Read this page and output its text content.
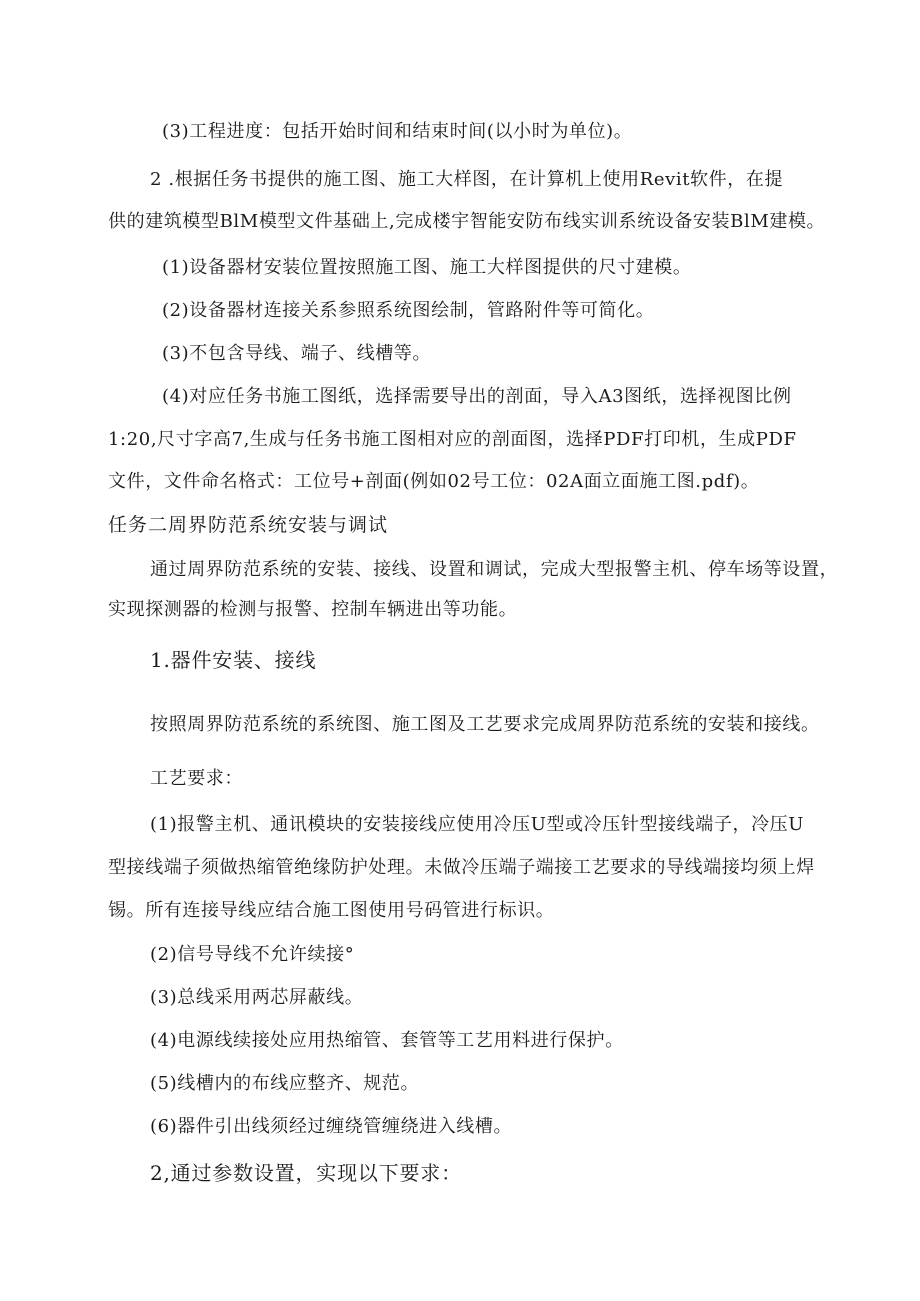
(3)工程进度：包括开始时间和结束时间(以小时为单位)。
2 .根据任务书提供的施工图、施工大样图，在计算机上使用Revit软件，在提
供的建筑模型BlM模型文件基础上,完成楼宇智能安防布线实训系统设备安装BlM建模。
(1)设备器材安装位置按照施工图、施工大样图提供的尺寸建模。
(2)设备器材连接关系参照系统图绘制，管路附件等可简化。
(3)不包含导线、端子、线槽等。
(4)对应任务书施工图纸，选择需要导出的剖面，导入A3图纸，选择视图比例
1:20,尺寸字高7,生成与任务书施工图相对应的剖面图，选择PDF打印机，生成PDF
文件，文件命名格式：工位号+剖面(例如02号工位：02A面立面施工图.pdf)。
任务二周界防范系统安装与调试
通过周界防范系统的安装、接线、设置和调试，完成大型报警主机、停车场等设置，
实现探测器的检测与报警、控制车辆进出等功能。
1.器件安装、接线
按照周界防范系统的系统图、施工图及工艺要求完成周界防范系统的安装和接线。
工艺要求：
(1)报警主机、通讯模块的安装接线应使用冷压U型或冷压针型接线端子，冷压U
型接线端子须做热缩管绝缘防护处理。未做冷压端子端接工艺要求的导线端接均须上焊
锡。所有连接导线应结合施工图使用号码管进行标识。
(2)信号导线不允许续接°
(3)总线采用两芯屏蔽线。
(4)电源线续接处应用热缩管、套管等工艺用料进行保护。
(5)线槽内的布线应整齐、规范。
(6)器件引出线须经过缠绕管缠绕进入线槽。
2,通过参数设置，实现以下要求：
